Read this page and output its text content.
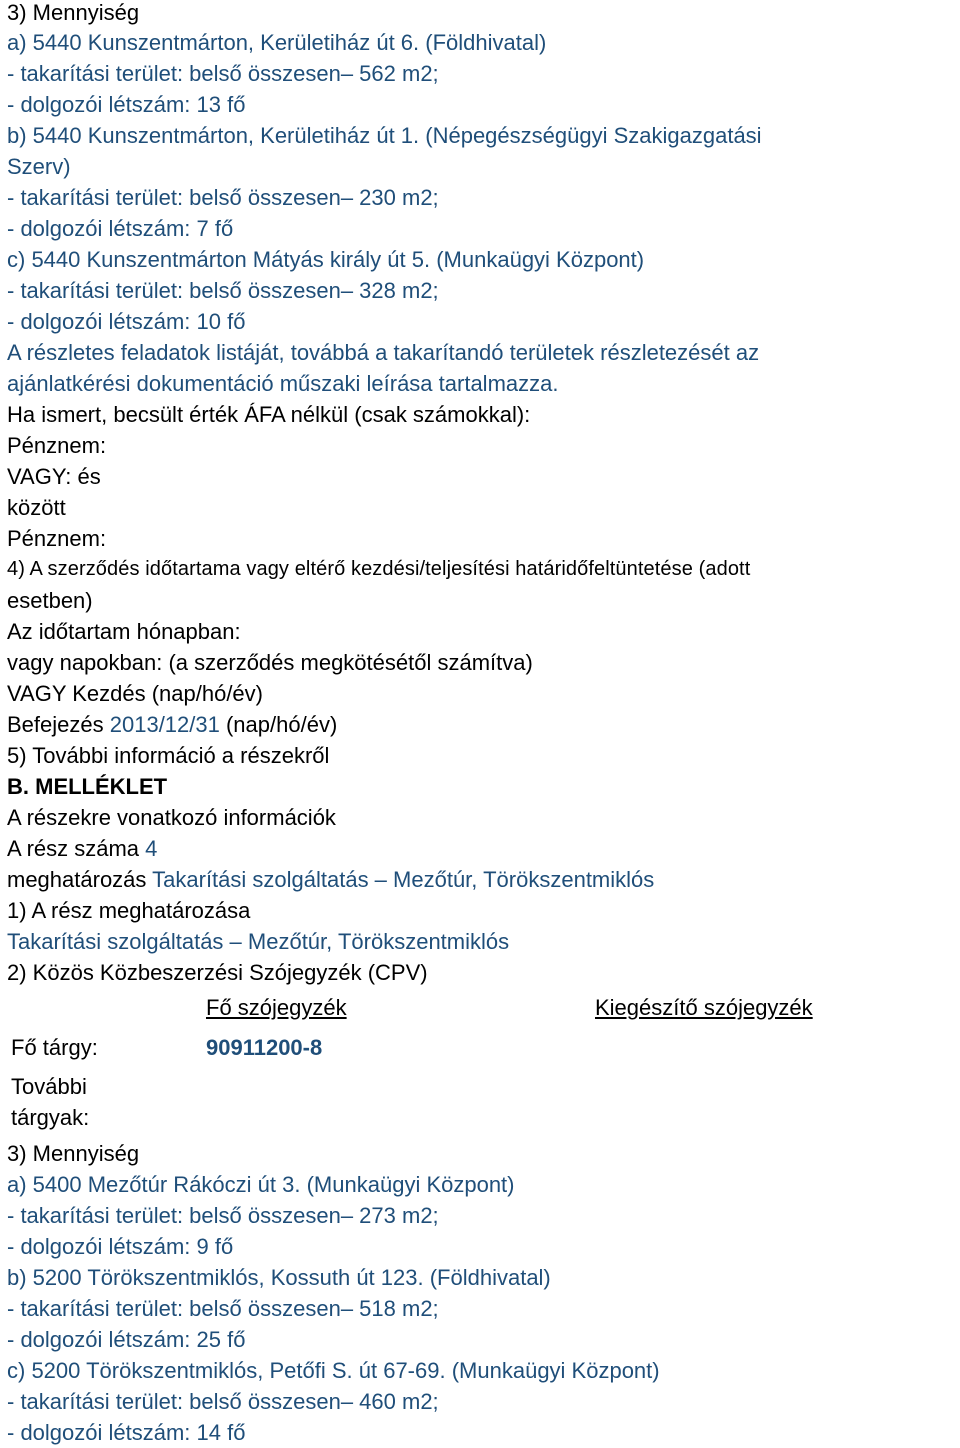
3) Mennyiség
a) 5440 Kunszentmárton, Kerületiház út 6. (Földhivatal)
- takarítási terület: belső összesen– 562 m2;
- dolgozói létszám: 13 fő
b) 5440 Kunszentmárton, Kerületiház út 1. (Népegészségügyi Szakigazgatási
Szerv)
- takarítási terület: belső összesen– 230 m2;
- dolgozói létszám: 7 fő
c) 5440 Kunszentmárton Mátyás király út 5. (Munkaügyi Központ)
- takarítási terület: belső összesen– 328 m2;
- dolgozói létszám: 10 fő
A részletes feladatok listáját, továbbá a takarítandó területek részletezését az
ajánlatkérési dokumentáció műszaki leírása tartalmazza.
Ha ismert, becsült érték ÁFA nélkül (csak számokkal):
Pénznem:
VAGY: és
között
Pénznem:
4) A szerződés időtartama vagy eltérő kezdési/teljesítési határidőfeltüntetése (adott
esetben)
Az időtartam hónapban:
vagy napokban: (a szerződés megkötésétől számítva)
VAGY Kezdés (nap/hó/év)
Befejezés 2013/12/31 (nap/hó/év)
5) További információ a részekről
B. MELLÉKLET
A részekre vonatkozó információk
A rész száma 4
meghatározás Takarítási szolgáltatás – Mezőtúr, Törökszentmiklós
1) A rész meghatározása
Takarítási szolgáltatás – Mezőtúr, Törökszentmiklós
2) Közös Közbeszerzési Szójegyzék (CPV)
Fő szójegyzék	Kiegészítő szójegyzék
Fő tárgy:	90911200-8
További
tárgyak:
3) Mennyiség
a) 5400 Mezőtúr Rákóczi út 3. (Munkaügyi Központ)
- takarítási terület: belső összesen– 273 m2;
- dolgozói létszám: 9 fő
b) 5200 Törökszentmiklós, Kossuth út 123. (Földhivatal)
- takarítási terület: belső összesen– 518 m2;
- dolgozói létszám: 25 fő
c) 5200 Törökszentmiklós, Petőfi S. út 67-69. (Munkaügyi Központ)
- takarítási terület: belső összesen– 460 m2;
- dolgozói létszám: 14 fő
